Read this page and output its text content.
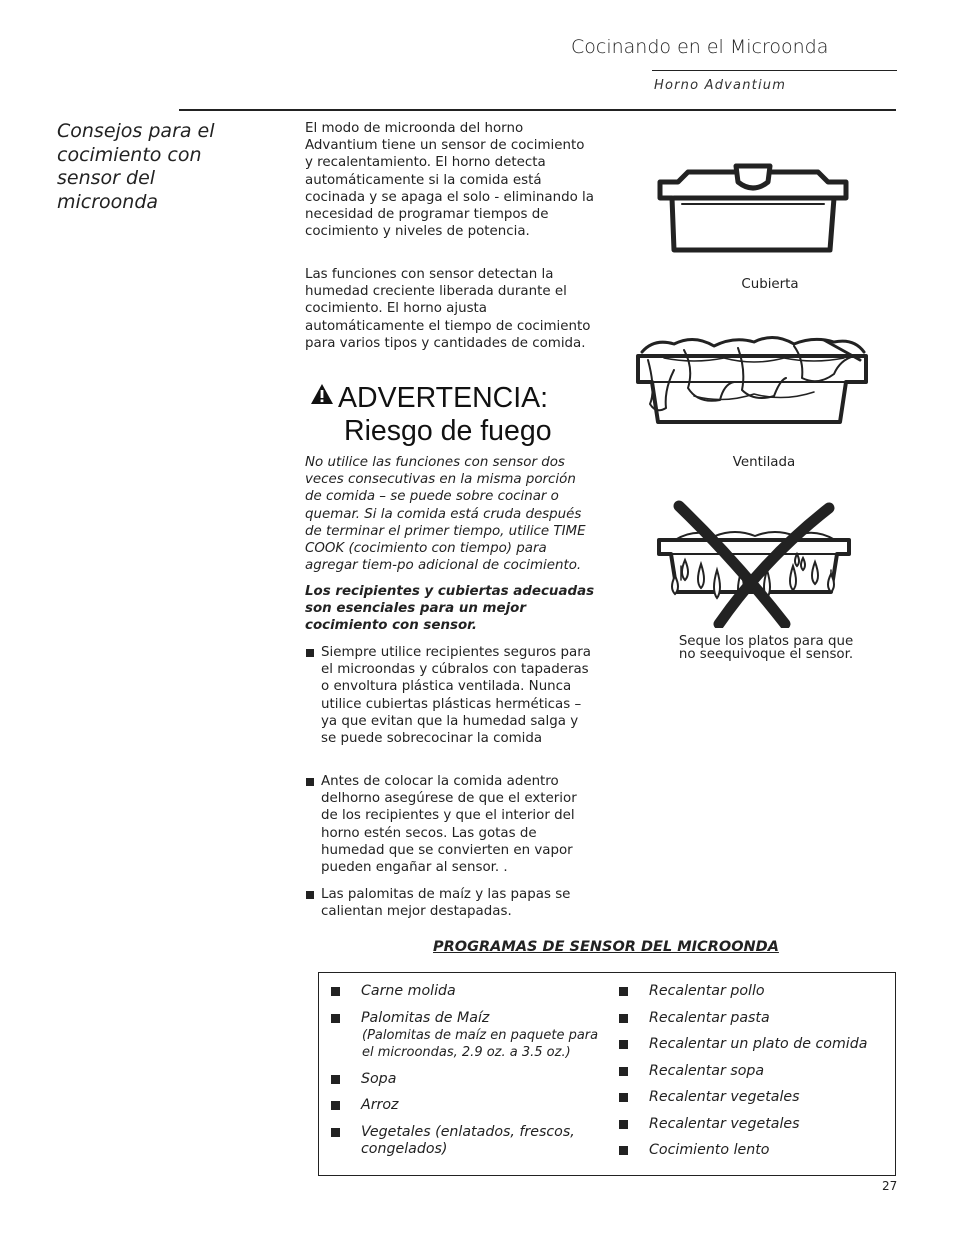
Cocinando en el Microonda
Horno Advantium
Consejos para el cocimiento con sensor del microonda
El modo de microonda del horno Advantium tiene un sensor de cocimiento y recalentamiento. El horno detecta automáticamente si la comida está cocinada y se apaga el solo - eliminando la necesidad de programar tiempos de cocimiento y niveles de potencia.
Las funciones con sensor detectan la humedad creciente liberada durante el cocimiento. El horno ajusta automáticamente el tiempo de cocimiento para varios tipos y cantidades de comida.
ADVERTENCIA:
Riesgo de fuego
No utilice las funciones con sensor dos veces consecutivas en la misma porción de comida – se puede sobre cocinar o quemar. Si la comida está cruda después de terminar el primer tiempo, utilice TIME COOK (cocimiento con tiempo) para agregar tiem-po adicional de cocimiento.
Los recipientes y cubiertas adecuadas son esenciales para un mejor cocimiento con sensor.
Siempre utilice recipientes seguros para el microondas y cúbralos con tapaderas o envoltura plástica ventilada. Nunca utilice cubiertas plásticas herméticas – ya que evitan que la humedad salga y se puede sobrecocinar la comida
Antes de colocar la comida adentro delhorno asegúrese de que el exterior de los recipientes y que el interior del horno estén secos. Las gotas de humedad que se convierten en vapor pueden engañar al sensor. .
Las palomitas de maíz y las papas se calientan mejor destapadas.
Cubierta
Ventilada
Seque los platos para que
no seequivoque el sensor.
PROGRAMAS DE SENSOR DEL MICROONDA
Carne molida
Palomitas de Maíz
(Palomitas de maíz en paquete para
el microondas, 2.9 oz. a 3.5 oz.)
Sopa
Arroz
Vegetales (enlatados, frescos,
congelados)
Recalentar pollo
Recalentar pasta
Recalentar un plato de comida
Recalentar sopa
Recalentar vegetales
Recalentar vegetales
Cocimiento lento
27
